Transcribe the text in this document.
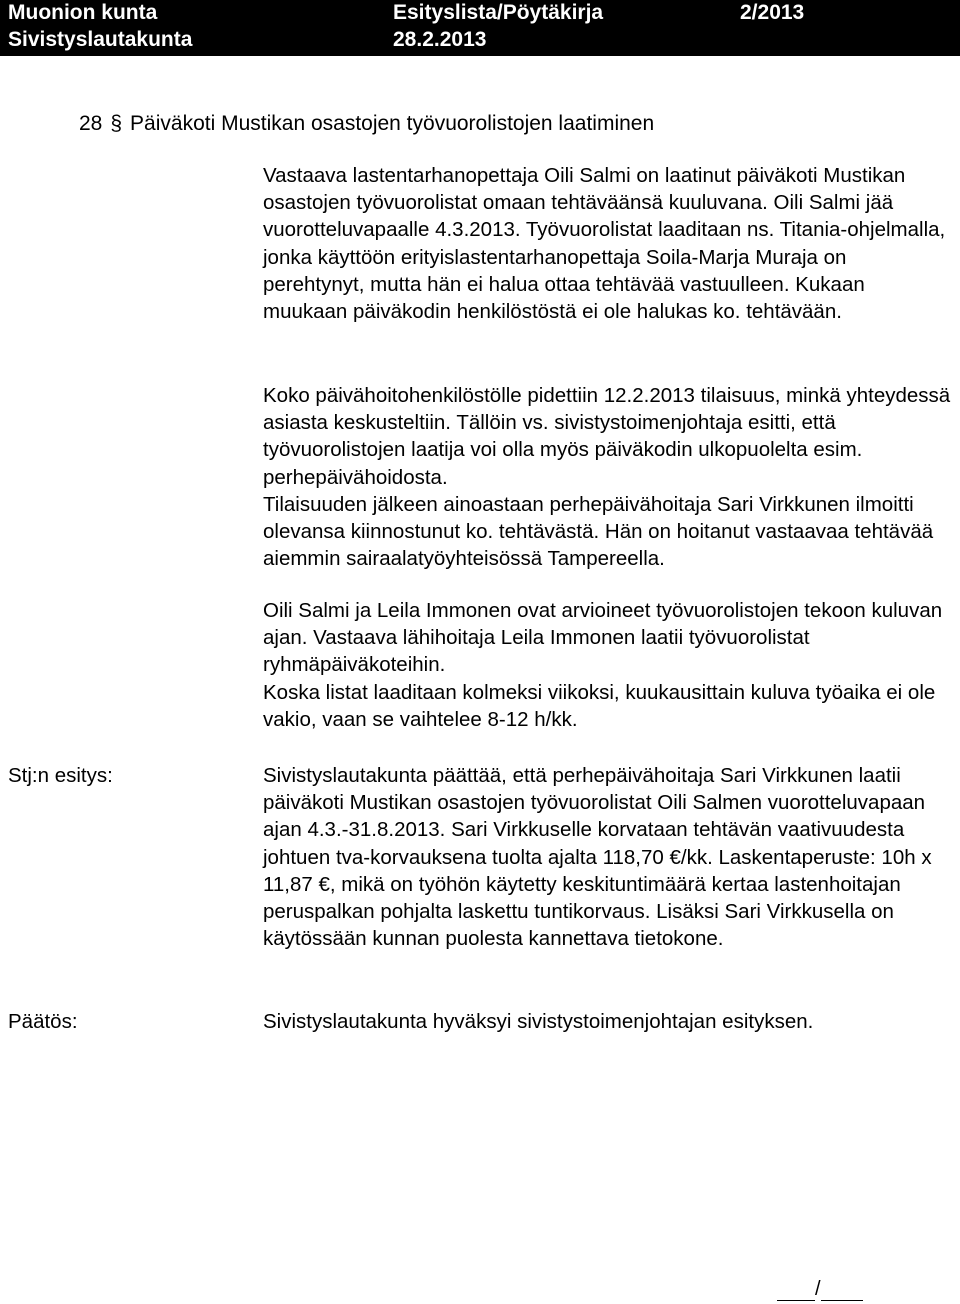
Muonion kunta
Sivistyslautakunta
Esityslista/Pöytäkirja
28.2.2013
2/2013
28 § Päiväkoti Mustikan osastojen työvuorolistojen laatiminen

Vastaava lastentarhanopettaja Oili Salmi on laatinut päiväkoti Mustikan osastojen työvuorolistat omaan tehtäväänsä kuuluvana. Oili Salmi jää vuorotteluvapaalle 4.3.2013. Työvuorolistat laaditaan ns. Titania-ohjelmalla, jonka käyttöön erityislastentarhanopettaja Soila-Marja Muraja on perehtynyt, mutta hän ei halua ottaa tehtävää vastuulleen. Kukaan muukaan päiväkodin henkilöstöstä ei ole halukas ko. tehtävään.

Koko päivähoitohenkilöstölle pidettiin 12.2.2013 tilaisuus, minkä yhteydessä asiasta keskusteltiin. Tällöin vs. sivistystoimenjohtaja esitti, että työvuorolistojen laatija voi olla myös päiväkodin ulkopuolelta esim. perhepäivähoidosta.

Tilaisuuden jälkeen ainoastaan perhepäivähoitaja Sari Virkkunen ilmoitti olevansa kiinnostunut ko. tehtävästä. Hän on hoitanut vastaavaa tehtävää aiemmin sairaalatyöyhteisössä Tampereella.

Oili Salmi ja Leila Immonen ovat arvioineet työvuorolistojen tekoon kuluvan ajan. Vastaava lähihoitaja Leila Immonen laatii työvuorolistat ryhmäpäiväkoteihin.

Koska listat laaditaan kolmeksi viikoksi, kuukausittain kuluva työaika ei ole vakio, vaan se vaihtelee 8-12 h/kk.

Stj:n esitys:	Sivistyslautakunta päättää, että perhepäivähoitaja Sari Virkkunen laatii päiväkoti Mustikan osastojen työvuorolistat Oili Salmen vuorotteluvapaan ajan 4.3.-31.8.2013. Sari Virkkuselle korvataan tehtävän vaativuudesta johtuen tva-korvauksena tuolta ajalta 118,70 €/kk. Laskentaperuste: 10h x 11,87 €, mikä on työhön käytetty keskituntimäärä kertaa lastenhoitajan peruspalkan pohjalta laskettu tuntikorvaus. Lisäksi Sari Virkkusella on käytössään kunnan puolesta kannettava tietokone.

Päätös:	Sivistyslautakunta hyväksyi sivistystoimenjohtajan esityksen.

/
